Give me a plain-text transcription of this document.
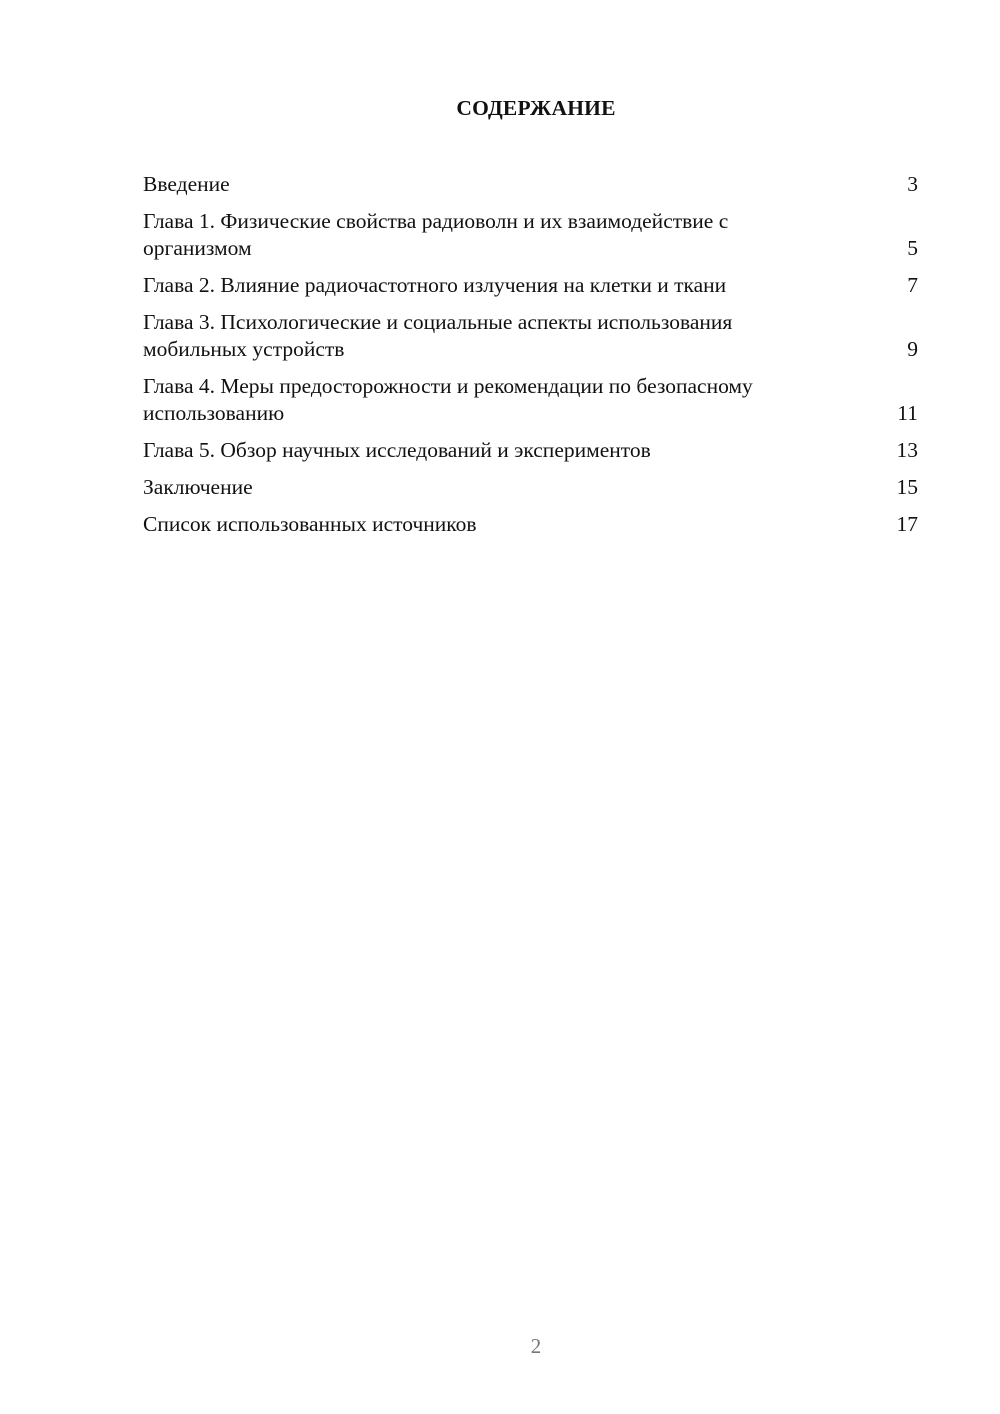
СОДЕРЖАНИЕ
Введение	3
Глава 1. Физические свойства радиоволн и их взаимодействие с организмом	5
Глава 2. Влияние радиочастотного излучения на клетки и ткани	7
Глава 3. Психологические и социальные аспекты использования мобильных устройств	9
Глава 4. Меры предосторожности и рекомендации по безопасному использованию	11
Глава 5. Обзор научных исследований и экспериментов	13
Заключение	15
Список использованных источников	17
2
